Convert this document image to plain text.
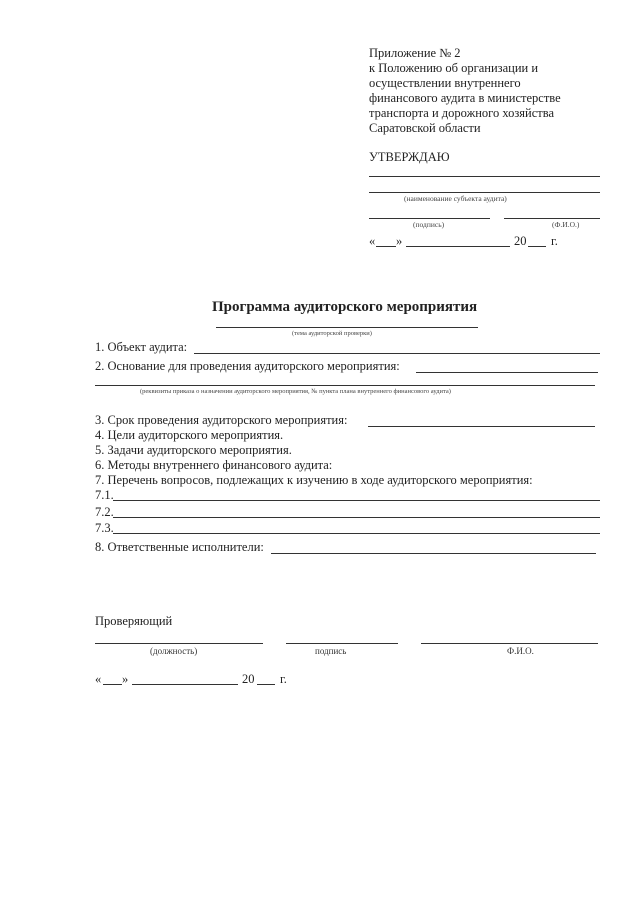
Приложение № 2
к Положению об организации и
осуществлении внутреннего
финансового аудита в министерстве
транспорта и дорожного хозяйства
Саратовской области
УТВЕРЖДАЮ
(наименование субъекта аудита)
(подпись)	(Ф.И.О.)
« »	20 г.
Программа аудиторского мероприятия
(тема аудиторской проверки)
1. Объект аудита:
2. Основание для проведения аудиторского мероприятия:
(реквизиты приказа о назначении аудиторского мероприятия, № пункта плана внутреннего финансового аудита)
3. Срок проведения аудиторского мероприятия:
4. Цели аудиторского мероприятия.
5. Задачи аудиторского мероприятия.
6. Методы внутреннего финансового аудита:
7. Перечень вопросов, подлежащих к изучению в ходе аудиторского мероприятия:
7.1.
7.2.
7.3.
8. Ответственные исполнители:
Проверяющий
(должность)	подпись	Ф.И.О.
« »	20 г.
